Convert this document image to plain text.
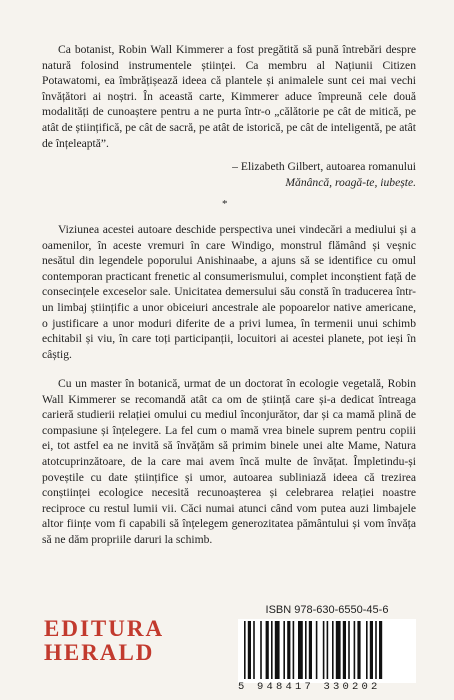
Ca botanist, Robin Wall Kimmerer a fost pregătită să pună întrebări despre natură folosind instrumentele științei. Ca membru al Națiunii Citizen Potawatomi, ea îmbrățișează ideea că plantele și animalele sunt cei mai vechi învățători ai noștri. În această carte, Kimmerer aduce împreună cele două modalități de cunoaștere pentru a ne purta într-o „călătorie pe cât de mitică, pe atât de științifică, pe cât de sacră, pe atât de istorică, pe cât de inteligentă, pe atât de înțeleaptă”.

– Elizabeth Gilbert, autoarea romanului
Mănâncă, roagă-te, iubește.
*

Viziunea acestei autoare deschide perspectiva unei vindecări a mediului și a oamenilor, în aceste vremuri în care Windigo, monstrul flămând și veșnic nesătul din legendele poporului Anishinaabe, a ajuns să se identifice cu omul contemporan practicant frenetic al consumerismului, complet inconștient față de consecințele exceselor sale. Unicitatea demersului său constă în traducerea într-un limbaj științific a unor obiceiuri ancestrale ale popoarelor native americane, o justificare a unor moduri diferite de a privi lumea, în termenii unui schimb echitabil și viu, în care toți participanții, locuitori ai acestei planete, pot ieși în câștig.

Cu un master în botanică, urmat de un doctorat în ecologie vegetală, Robin Wall Kimmerer se recomandă atât ca om de știință care și-a dedicat întreaga carieră studierii relației omului cu mediul înconjurător, dar și ca mamă plină de compasiune și înțelegere. La fel cum o mamă vrea binele suprem pentru copiii ei, tot astfel ea ne invită să învățăm să primim binele unei alte Mame, Natura atotcuprinzătoare, de la care mai avem încă multe de învățat. Împletindu-și poveștile cu date științifice și umor, autoarea subliniază ideea că trezirea conștiinței ecologice necesită recunoașterea și celebrarea relației noastre reciproce cu restul lumii vii. Căci numai atunci când vom putea auzi limbajele altor ființe vom fi capabili să înțelegem generozitatea pământului și vom învăța să ne dăm propriile daruri la schimb.

EDITURA
HERALD
ISBN 978-630-6550-45-6
5 948417 330202
